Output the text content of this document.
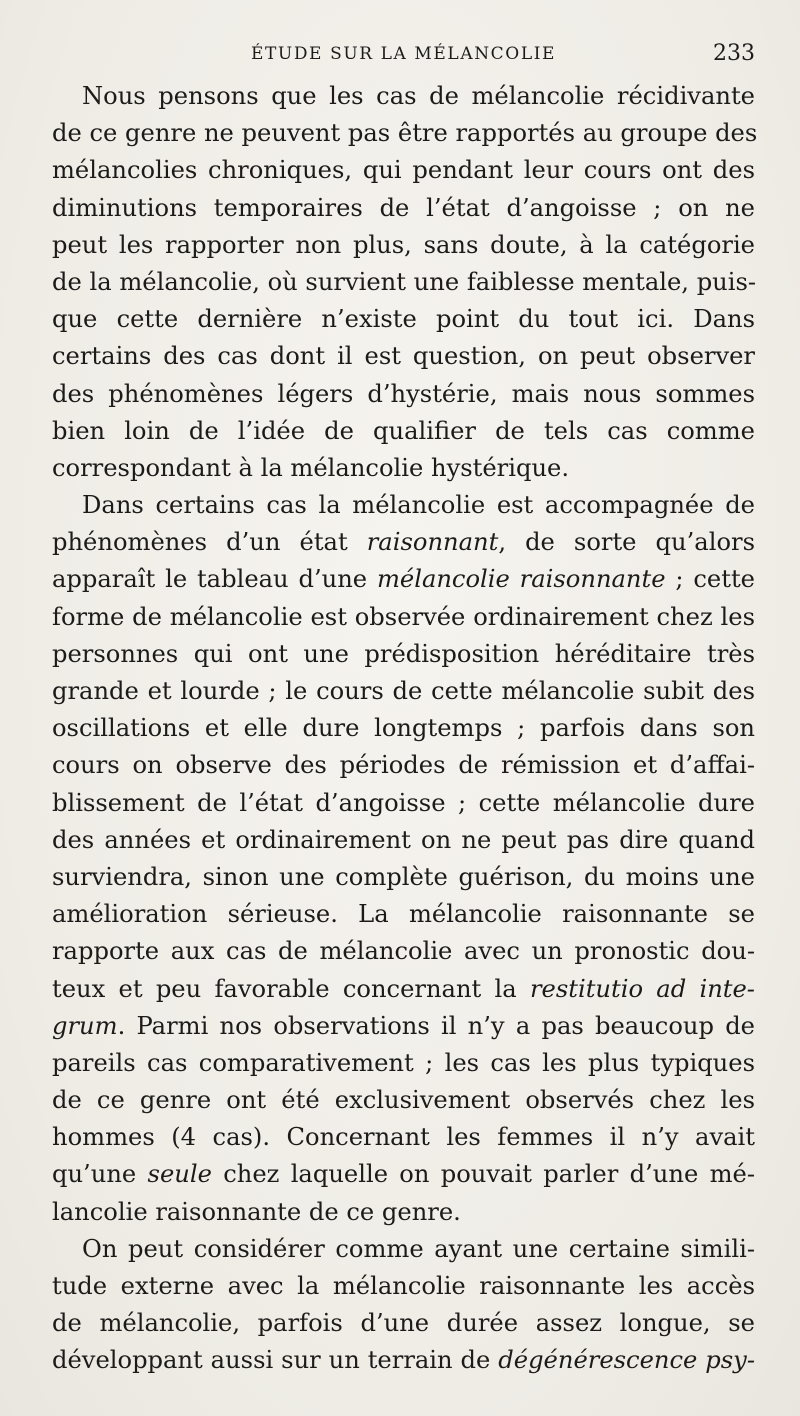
ÉTUDE SUR LA MÉLANCOLIE	233
Nous pensons que les cas de mélancolie récidivante
de ce genre ne peuvent pas être rapportés au groupe des
mélancolies chroniques, qui pendant leur cours ont des
diminutions temporaires de l’état d’angoisse ; on ne
peut les rapporter non plus, sans doute, à la catégorie
de la mélancolie, où survient une faiblesse mentale, puis-
que cette dernière n’existe point du tout ici. Dans
certains des cas dont il est question, on peut observer
des phénomènes légers d’hystérie, mais nous sommes
bien loin de l’idée de qualifier de tels cas comme
correspondant à la mélancolie hystérique.
Dans certains cas la mélancolie est accompagnée de
phénomènes d’un état raisonnant, de sorte qu’alors
apparaît le tableau d’une mélancolie raisonnante ; cette
forme de mélancolie est observée ordinairement chez les
personnes qui ont une prédisposition héréditaire très
grande et lourde ; le cours de cette mélancolie subit des
oscillations et elle dure longtemps ; parfois dans son
cours on observe des périodes de rémission et d’affai-
blissement de l’état d’angoisse ; cette mélancolie dure
des années et ordinairement on ne peut pas dire quand
surviendra, sinon une complète guérison, du moins une
amélioration sérieuse. La mélancolie raisonnante se
rapporte aux cas de mélancolie avec un pronostic dou-
teux et peu favorable concernant la restitutio ad inte-
grum. Parmi nos observations il n’y a pas beaucoup de
pareils cas comparativement ; les cas les plus typiques
de ce genre ont été exclusivement observés chez les
hommes (4 cas). Concernant les femmes il n’y avait
qu’une seule chez laquelle on pouvait parler d’une mé-
lancolie raisonnante de ce genre.
On peut considérer comme ayant une certaine simili-
tude externe avec la mélancolie raisonnante les accès
de mélancolie, parfois d’une durée assez longue, se
développant aussi sur un terrain de dégénérescence psy-
